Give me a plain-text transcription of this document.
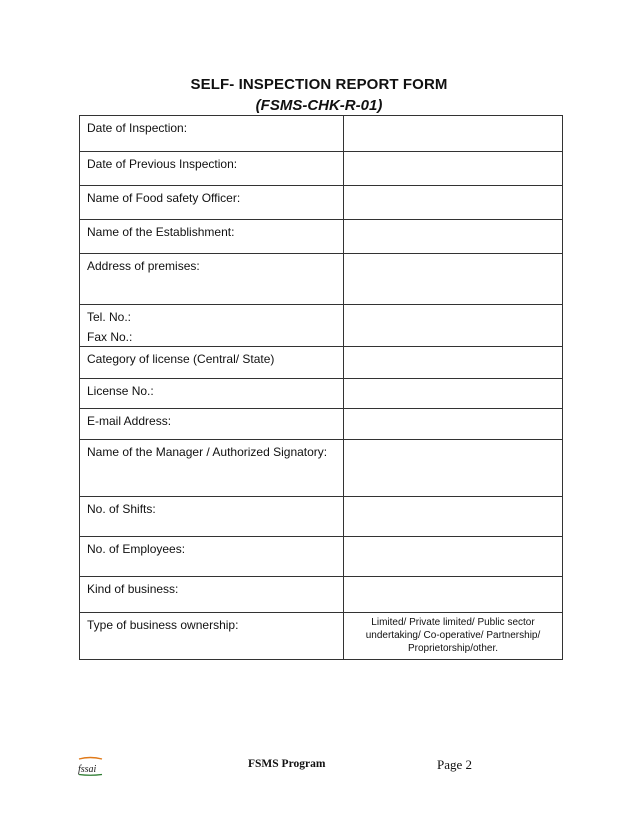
SELF- INSPECTION REPORT FORM
(FSMS-CHK-R-01)
Date of Inspection:	
Date of Previous Inspection:	
Name of Food safety Officer:	
Name of the Establishment:	
Address of premises:	
Tel. No.:
Fax No.:	

Category of license (Central/ State)	
License No.:	
E-mail Address:	
Name of the Manager / Authorized Signatory:	
No. of Shifts:	
No. of Employees:	
Kind of business:	
Type of business ownership:	Limited/ Private limited/ Public sector undertaking/ Co-operative/ Partnership/ Proprietorship/other.
fssai	FSMS Program	Page 2
